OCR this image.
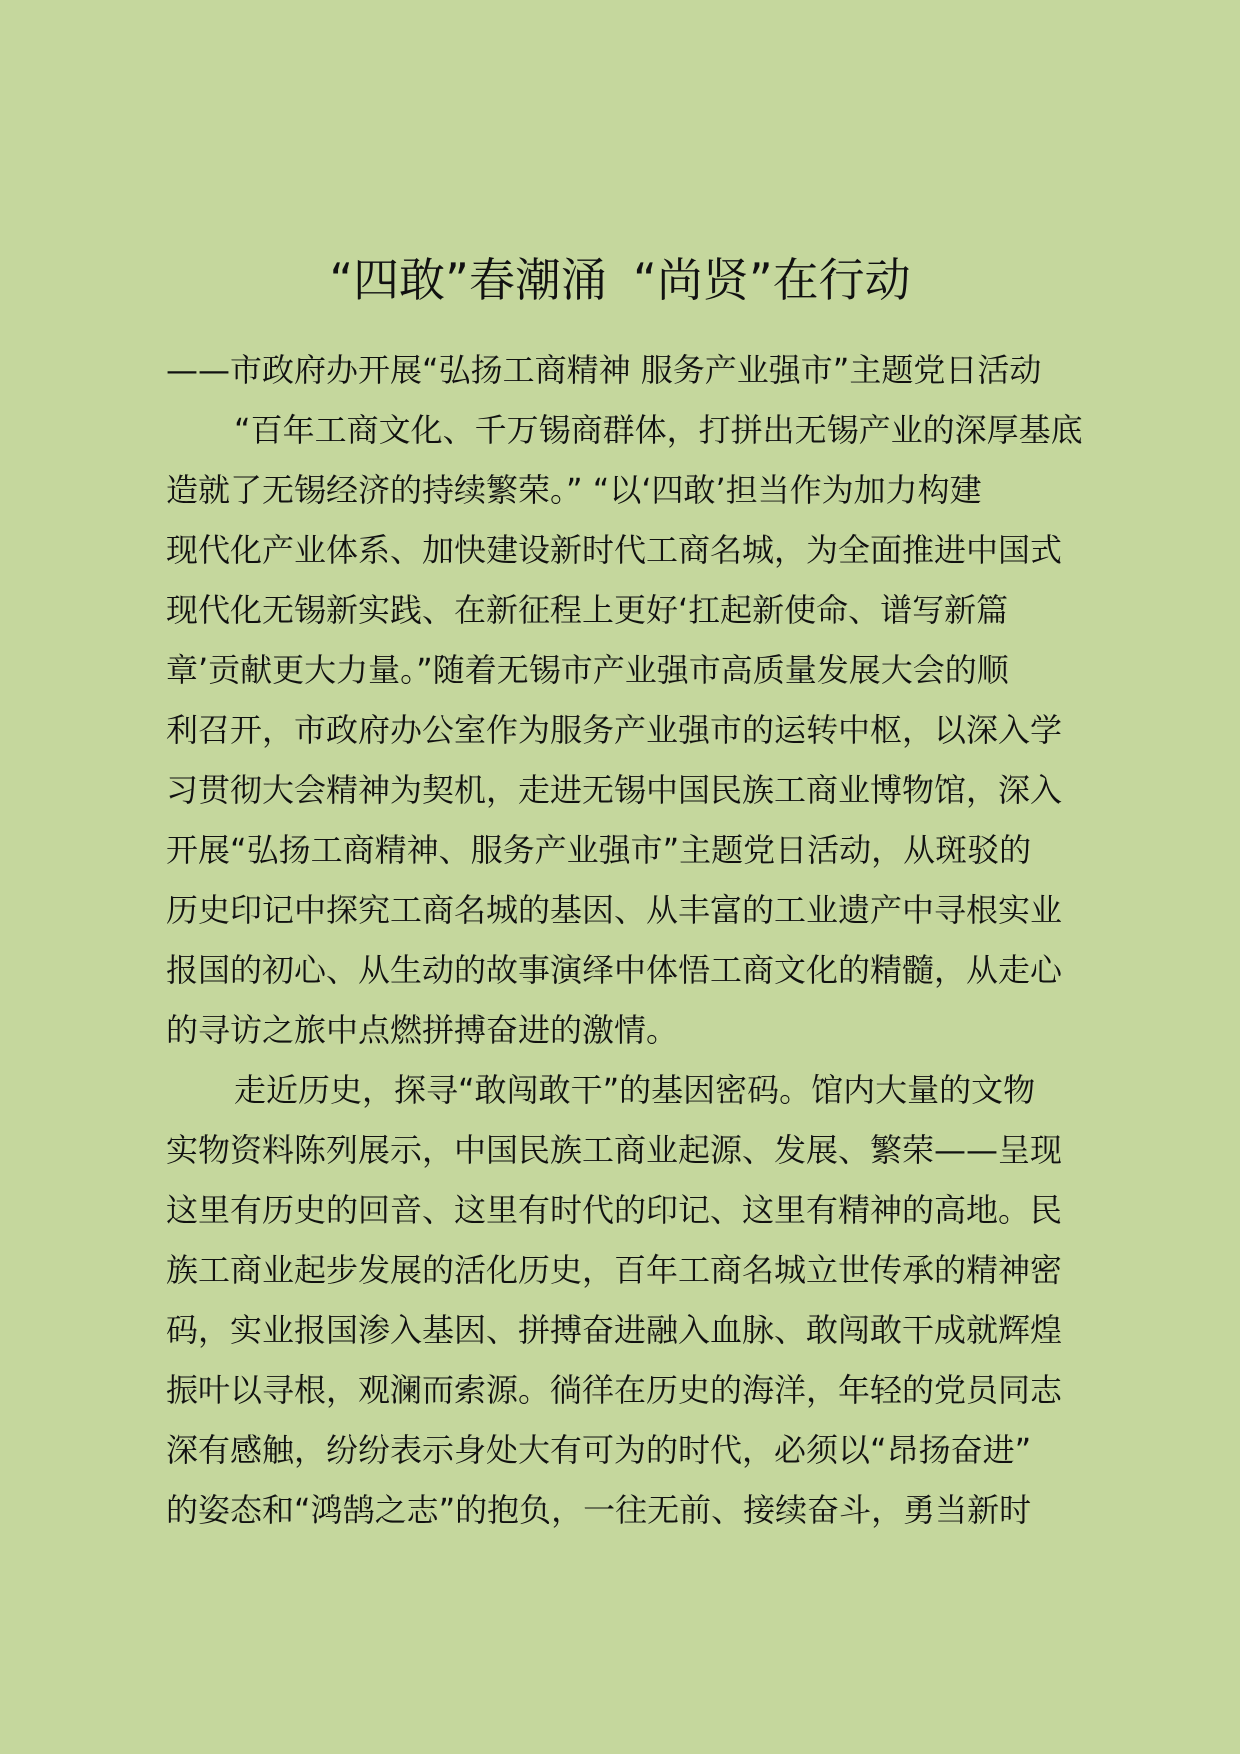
“四敢”春潮涌 “尚贤”在行动
——市政府办开展“弘扬工商精神 服务产业强市”主题党日活动
“百年工商文化、千万锡商群体，打拼出无锡产业的深厚基底
造就了无锡经济的持续繁荣。” “以‘四敢’担当作为加力构建
现代化产业体系、加快建设新时代工商名城，为全面推进中国式
现代化无锡新实践、在新征程上更好‘扛起新使命、谱写新篇
章’贡献更大力量。”随着无锡市产业强市高质量发展大会的顺
利召开，市政府办公室作为服务产业强市的运转中枢，以深入学
习贯彻大会精神为契机，走进无锡中国民族工商业博物馆，深入
开展“弘扬工商精神、服务产业强市”主题党日活动，从斑驳的
历史印记中探究工商名城的基因、从丰富的工业遗产中寻根实业
报国的初心、从生动的故事演绎中体悟工商文化的精髓，从走心
的寻访之旅中点燃拼搏奋进的激情。
走近历史，探寻“敢闯敢干”的基因密码。馆内大量的文物
实物资料陈列展示，中国民族工商业起源、发展、繁荣——呈现
这里有历史的回音、这里有时代的印记、这里有精神的高地。民
族工商业起步发展的活化历史，百年工商名城立世传承的精神密
码，实业报国渗入基因、拼搏奋进融入血脉、敢闯敢干成就辉煌
振叶以寻根，观澜而索源。徜徉在历史的海洋，年轻的党员同志
深有感触，纷纷表示身处大有可为的时代，必须以“昂扬奋进”
的姿态和“鸿鹄之志”的抱负，一往无前、接续奋斗，勇当新时
